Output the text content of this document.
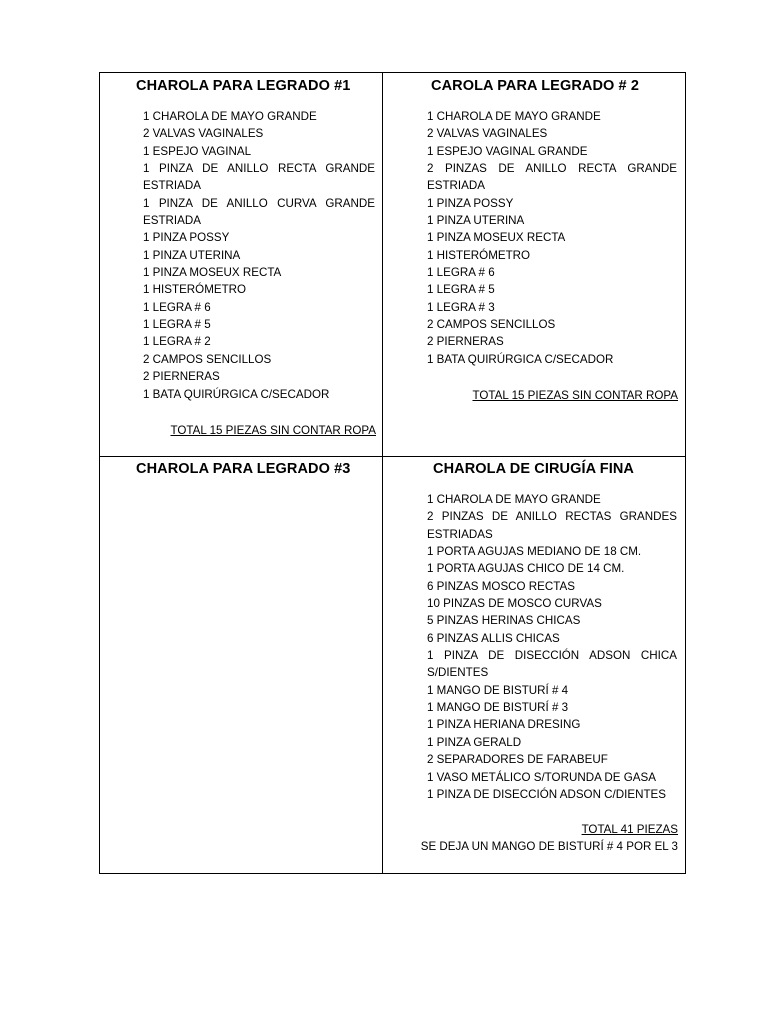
CHAROLA PARA LEGRADO #1
1 CHAROLA DE MAYO GRANDE
2 VALVAS VAGINALES
1 ESPEJO VAGINAL
1 PINZA DE ANILLO RECTA GRANDE ESTRIADA
1 PINZA DE ANILLO CURVA GRANDE ESTRIADA
1 PINZA POSSY
1 PINZA UTERINA
1 PINZA MOSEUX RECTA
1 HISTERÓMETRO
1 LEGRA # 6
1 LEGRA # 5
1 LEGRA # 2
2 CAMPOS SENCILLOS
2 PIERNERAS
1 BATA QUIRÚRGICA C/SECADOR
TOTAL 15 PIEZAS SIN CONTAR ROPA
CAROLA PARA LEGRADO # 2
1 CHAROLA DE MAYO GRANDE
2 VALVAS VAGINALES
1 ESPEJO VAGINAL GRANDE
2 PINZAS DE ANILLO RECTA GRANDE ESTRIADA
1 PINZA POSSY
1 PINZA UTERINA
1 PINZA MOSEUX RECTA
1 HISTERÓMETRO
1 LEGRA # 6
1 LEGRA # 5
1 LEGRA # 3
2 CAMPOS SENCILLOS
2 PIERNERAS
1 BATA QUIRÚRGICA C/SECADOR
TOTAL 15 PIEZAS SIN CONTAR ROPA
CHAROLA PARA LEGRADO #3	CHAROLA DE CIRUGÍA FINA
1 CHAROLA DE MAYO GRANDE
2 PINZAS DE ANILLO RECTAS GRANDES ESTRIADAS
1 PORTA AGUJAS MEDIANO DE 18 CM.
1 PORTA AGUJAS CHICO DE 14 CM.
6 PINZAS MOSCO RECTAS
10 PINZAS DE MOSCO CURVAS
5 PINZAS HERINAS CHICAS
6 PINZAS ALLIS CHICAS
1 PINZA DE DISECCIÓN ADSON CHICA S/DIENTES
1 MANGO DE BISTURÍ # 4
1 MANGO DE BISTURÍ # 3
1 PINZA HERIANA DRESING
1 PINZA GERALD
2 SEPARADORES DE FARABEUF
1 VASO METÁLICO S/TORUNDA DE GASA
1 PINZA DE DISECCIÓN ADSON C/DIENTES
TOTAL 41 PIEZAS
SE DEJA UN MANGO DE BISTURÍ # 4 POR EL 3
